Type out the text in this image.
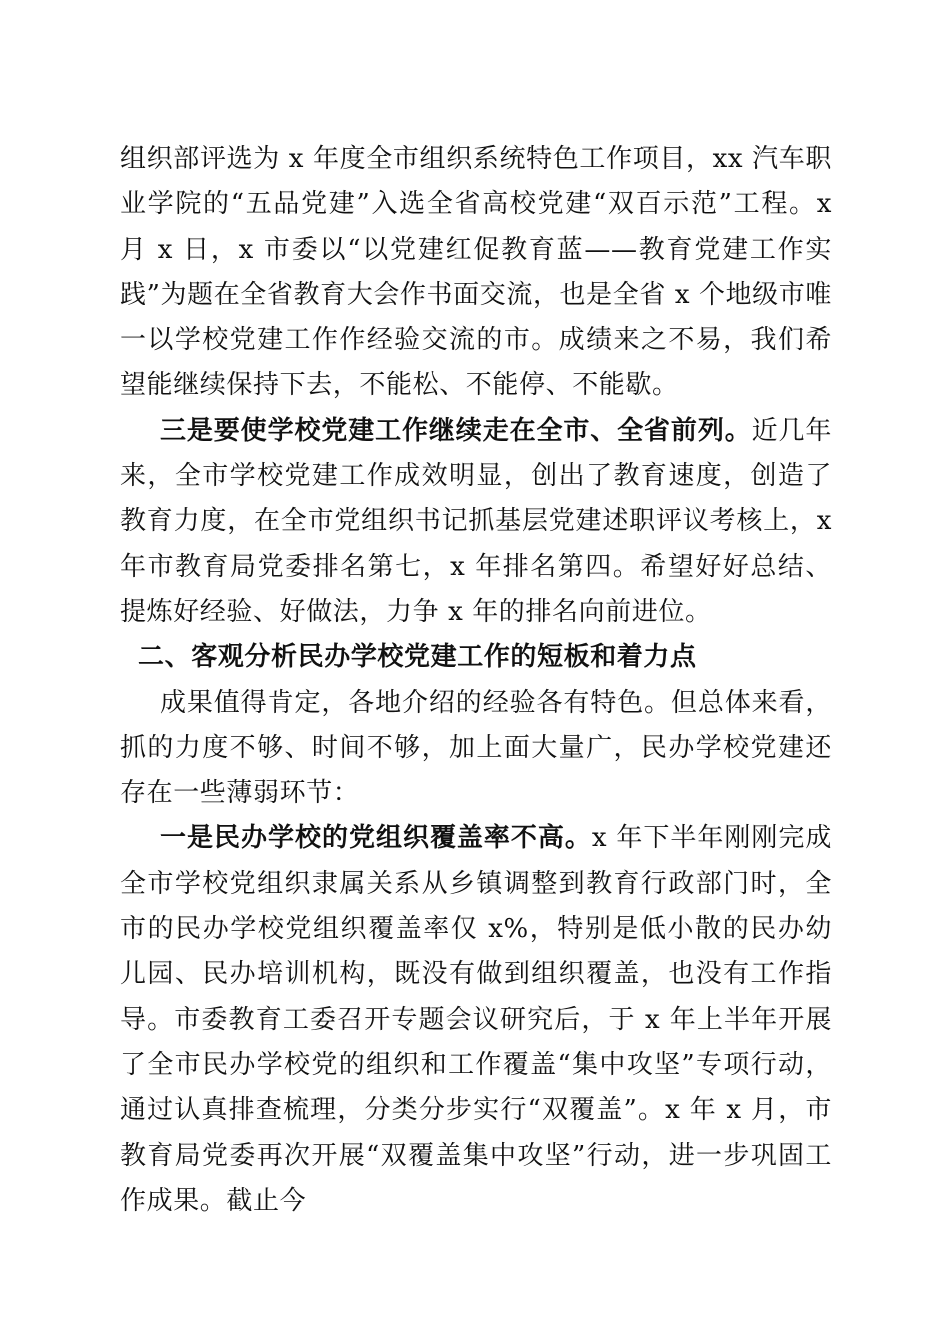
组织部评选为 x 年度全市组织系统特色工作项目，xx 汽车职业学院的“五品党建”入选全省高校党建“双百示范”工程。x 月 x 日，x 市委以“以党建红促教育蓝——教育党建工作实践”为题在全省教育大会作书面交流，也是全省 x 个地级市唯一以学校党建工作作经验交流的市。成绩来之不易，我们希望能继续保持下去，不能松、不能停、不能歇。

三是要使学校党建工作继续走在全市、全省前列。近几年来，全市学校党建工作成效明显，创出了教育速度，创造了教育力度，在全市党组织书记抓基层党建述职评议考核上，x 年市教育局党委排名第七，x 年排名第四。希望好好总结、提炼好经验、好做法，力争 x 年的排名向前进位。

二、客观分析民办学校党建工作的短板和着力点

成果值得肯定，各地介绍的经验各有特色。但总体来看，抓的力度不够、时间不够，加上面大量广，民办学校党建还存在一些薄弱环节：

一是民办学校的党组织覆盖率不高。x 年下半年刚刚完成全市学校党组织隶属关系从乡镇调整到教育行政部门时，全市的民办学校党组织覆盖率仅 x%，特别是低小散的民办幼儿园、民办培训机构，既没有做到组织覆盖，也没有工作指导。市委教育工委召开专题会议研究后，于 x 年上半年开展了全市民办学校党的组织和工作覆盖“集中攻坚”专项行动，通过认真排查梳理，分类分步实行“双覆盖”。x 年 x 月，市教育局党委再次开展“双覆盖集中攻坚”行动，进一步巩固工作成果。截止今
